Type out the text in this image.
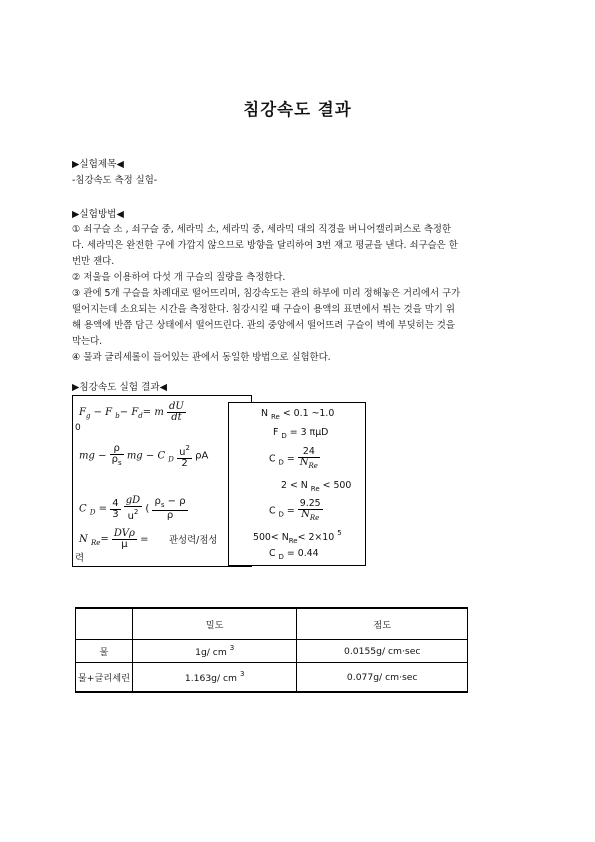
침강속도 결과
▶실험제목◀
-침강속도 측정 실험-
▶실험방법◀
① 쇠구슬 소 , 쇠구슬 중, 세라믹 소, 세라믹 중, 세라믹 대의 직경을 버니어캘리퍼스로 측정한
다. 세라믹은 완전한 구에 가깝지 않으므로 방향을 달리하여 3번 재고 평균을 낸다. 쇠구슬은 한
번만 잰다.
② 저울을 이용하여 다섯 개 구슬의 질량을 측정한다.
③ 관에 5개 구슬을 차례대로 떨어뜨리며, 침강속도는 관의 하부에 미리 정해놓은 거리에서 구가
떨어지는데 소요되는 시간을 측정한다. 침강시킬 때 구슬이 용액의 표면에서 튀는 것을 막기 위
해 용액에 반쯤 담근 상태에서 떨어뜨린다. 관의 중앙에서 떨어뜨려 구슬이 벽에 부딪히는 것을
막는다.
④ 물과 글리세롤이 들어있는 관에서 동일한 방법으로 실험한다.
▶침강속도 실험 결과◀
$F_g - F$ $_b- F_d= m \frac{dU}{dt}$
0
mg − $\frac{\rho}{\rho_s}$ mg − C $_D \frac{u^2}{2}$ ρA
C $_D = \frac{4}{3}$
$\frac{gD}{u^2}$ ( $\frac{\rho_s - \rho}{\rho}$
N $_{Re}= \frac{\text{DVρ}}{\mu}$ = 관성력/점성
력
N $_{Re}$ < 0.1 ~1.0
F $_D$ = 3 πμD
C $_D = \frac{24}{N_{Re}}$
2 < N $_{Re}$ < 500
C $_D = \frac{9.25}{N_{Re}}$
$500< N_{Re}< 2\times 10$ $^5$
C $_D$ = 0.44
	밀도	점도
물	1g/ cm $^3$	0.0155g/ cm·sec
물+글리세린	1.163g/ cm $^3$	0.077g/ cm·sec
